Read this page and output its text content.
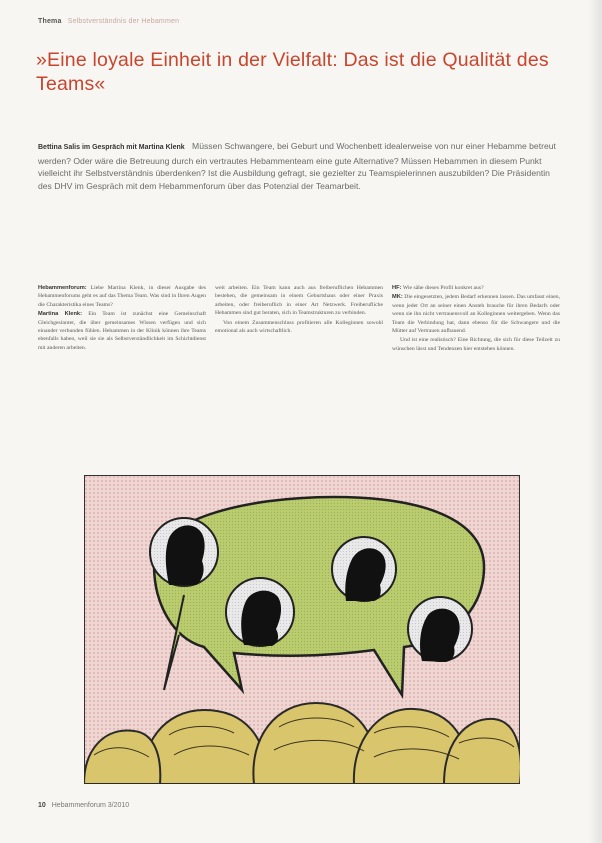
Thema Selbstverständnis der Hebammen
»Eine loyale Einheit in der Vielfalt: Das ist die Qualität des Teams«

Bettina Salis im Gespräch mit Martina Klenk Müssen Schwangere, bei Geburt und Wochenbett idealerweise von nur einer Hebamme betreut werden? Oder wäre die Betreuung durch ein vertrautes Hebammenteam eine gute Alternative? Müssen Hebammen in diesem Punkt vielleicht ihr Selbstverständnis überdenken? Ist die Ausbildung gefragt, sie gezielter zu Teamspielerinnen auszubilden? Die Präsidentin des DHV im Gespräch mit dem Hebammenforum über das Potenzial der Teamarbeit.

Hebammenforum: Liebe Martina Klenk, in dieser Ausgabe des Hebammenforums geht es auf das Thema Team. Was sind in Ihren Augen die Charakteristika eines Teams?

Martina Klenk: Ein Team ist zunächst eine Gemeinschaft Gleichgesinnter, die über gemeinsames Wissen verfügen und sich einander verbunden fühlen. Hebammen in der Klinik können ihre Teams ebenfalls haben, weil sie sie als Selbstverständlichkeit im Schichtdienst mit anderen arbeiten.

weit arbeiten. Ein Team kann auch aus freiberuflichen Hebammen bestehen, die gemeinsam in einem Geburtshaus oder einer Praxis arbeiten, oder freiberuflich in einer Art Netzwerk. Freiberufliche Hebammen sind gut beraten, sich in Teamstrukturen zu verbinden.

Von einem Zusammenschluss profitieren alle Kolleginnen sowohl emotional als auch wirtschaftlich.

HF: Wie sähe dieses Profil konkret aus?

MK: Die eingesetzten, jedem Bedarf erkennen lassen. Das umfasst einen, wenn jeder Ort an seiner einen Ansteh brauche für ihren Bedarfs oder wenn sie ihn nicht vertrauensvoll an Kolleginnen weitergeben. Wenn das Team die Verbindung hat, dann ebenso für die Schwangere und die Mütter auf Vertrauen aufbauend.

Und ist eine realistisch? Eine Richtung, die sich für diese Teilzeit zu wünschen lässt und Tendenzen hier entstehen können.

10 Hebammenforum 3/2010
